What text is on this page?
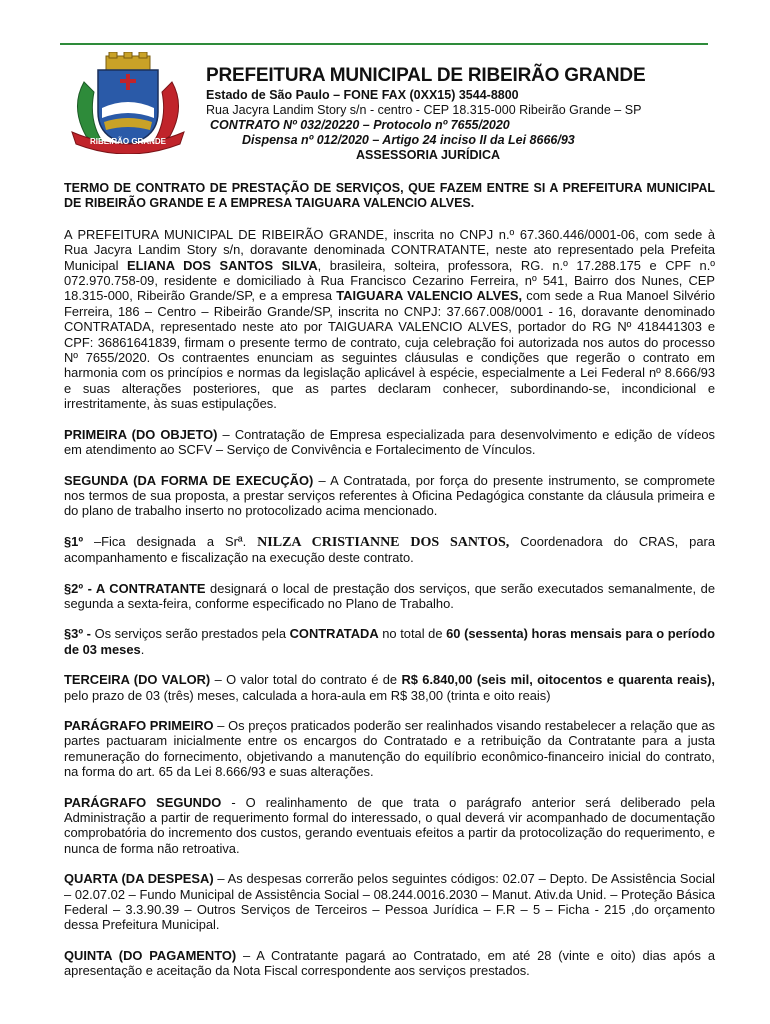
RIBEIRÃO GRANDE
PREFEITURA MUNICIPAL DE RIBEIRÃO GRANDE
Estado de São Paulo – FONE FAX (0XX15) 3544-8800
Rua Jacyra Landim Story s/n - centro - CEP 18.315-000 Ribeirão Grande – SP
CONTRATO Nº 032/20220 – Protocolo nº 7655/2020
Dispensa nº 012/2020 – Artigo 24 inciso II da Lei 8666/93
ASSESSORIA JURÍDICA

TERMO DE CONTRATO DE PRESTAÇÃO DE SERVIÇOS, QUE FAZEM ENTRE SI A PREFEITURA MUNICIPAL DE RIBEIRÃO GRANDE E A EMPRESA TAIGUARA VALENCIO ALVES.

A PREFEITURA MUNICIPAL DE RIBEIRÃO GRANDE, inscrita no CNPJ n.º 67.360.446/0001-06, com sede à Rua Jacyra Landim Story s/n, doravante denominada CONTRATANTE, neste ato representado pela Prefeita Municipal ELIANA DOS SANTOS SILVA, brasileira, solteira, professora, RG. n.º 17.288.175 e CPF n.º 072.970.758-09, residente e domiciliado à Rua Francisco Cezarino Ferreira, nº 541, Bairro dos Nunes, CEP 18.315-000, Ribeirão Grande/SP, e a empresa TAIGUARA VALENCIO ALVES, com sede a Rua Manoel Silvério Ferreira, 186 – Centro – Ribeirão Grande/SP, inscrita no CNPJ: 37.667.008/0001 - 16, doravante denominado CONTRATADA, representado neste ato por TAIGUARA VALENCIO ALVES, portador do RG Nº 418441303 e CPF: 36861641839, firmam o presente termo de contrato, cuja celebração foi autorizada nos autos do processo Nº 7655/2020. Os contraentes enunciam as seguintes cláusulas e condições que regerão o contrato em harmonia com os princípios e normas da legislação aplicável à espécie, especialmente a Lei Federal nº 8.666/93 e suas alterações posteriores, que as partes declaram conhecer, subordinando-se, incondicional e irrestritamente, às suas estipulações.

PRIMEIRA (DO OBJETO) – Contratação de Empresa especializada para desenvolvimento e edição de vídeos em atendimento ao SCFV – Serviço de Convivência e Fortalecimento de Vínculos.

SEGUNDA (DA FORMA DE EXECUÇÃO) – A Contratada, por força do presente instrumento, se compromete nos termos de sua proposta, a prestar serviços referentes à Oficina Pedagógica constante da cláusula primeira e do plano de trabalho inserto no protocolizado acima mencionado.

§1º –Fica designada a Srª. NILZA CRISTIANNE DOS SANTOS, Coordenadora do CRAS, para acompanhamento e fiscalização na execução deste contrato.

§2º - A CONTRATANTE designará o local de prestação dos serviços, que serão executados semanalmente, de segunda a sexta-feira, conforme especificado no Plano de Trabalho.

§3º - Os serviços serão prestados pela CONTRATADA no total de 60 (sessenta) horas mensais para o período de 03 meses.

TERCEIRA (DO VALOR) – O valor total do contrato é de R$ 6.840,00 (seis mil, oitocentos e quarenta reais), pelo prazo de 03 (três) meses, calculada a hora-aula em R$ 38,00 (trinta e oito reais)

PARÁGRAFO PRIMEIRO – Os preços praticados poderão ser realinhados visando restabelecer a relação que as partes pactuaram inicialmente entre os encargos do Contratado e a retribuição da Contratante para a justa remuneração do fornecimento, objetivando a manutenção do equilíbrio econômico-financeiro inicial do contrato, na forma do art. 65 da Lei 8.666/93 e suas alterações.

PARÁGRAFO SEGUNDO - O realinhamento de que trata o parágrafo anterior será deliberado pela Administração a partir de requerimento formal do interessado, o qual deverá vir acompanhado de documentação comprobatória do incremento dos custos, gerando eventuais efeitos a partir da protocolização do requerimento, e nunca de forma não retroativa.

QUARTA (DA DESPESA) – As despesas correrão pelos seguintes códigos: 02.07 – Depto. De Assistência Social – 02.07.02 – Fundo Municipal de Assistência Social – 08.244.0016.2030 – Manut. Ativ.da Unid. – Proteção Básica Federal – 3.3.90.39 – Outros Serviços de Terceiros – Pessoa Jurídica – F.R – 5 – Ficha - 215 ,do orçamento dessa Prefeitura Municipal.

QUINTA (DO PAGAMENTO) – A Contratante pagará ao Contratado, em até 28 (vinte e oito) dias após a apresentação e aceitação da Nota Fiscal correspondente aos serviços prestados.
